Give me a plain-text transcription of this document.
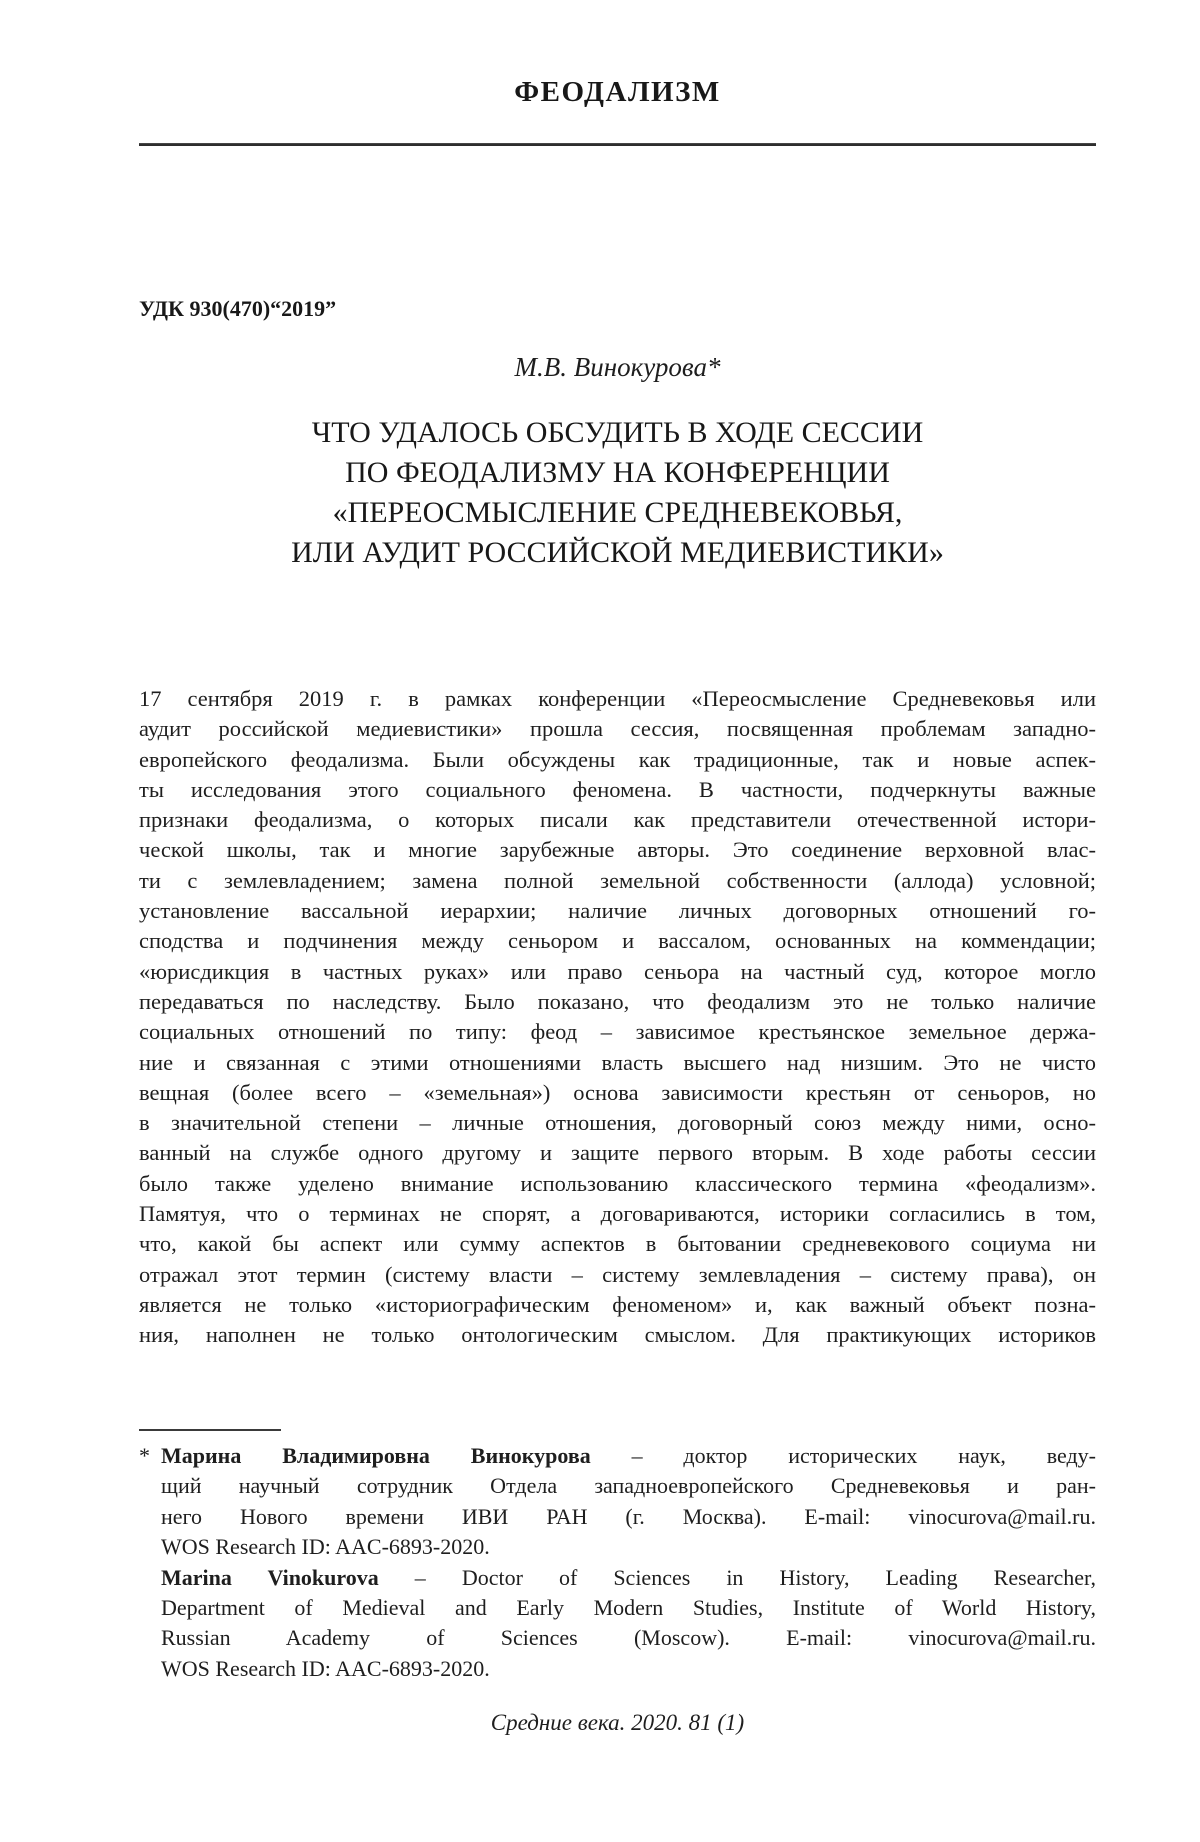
ФЕОДАЛИЗМ
УДК 930(470)“2019”
М.В. Винокурова*
ЧТО УДАЛОСЬ ОБСУДИТЬ В ХОДЕ СЕССИИ
ПО ФЕОДАЛИЗМУ НА КОНФЕРЕНЦИИ
«ПЕРЕОСМЫСЛЕНИЕ СРЕДНЕВЕКОВЬЯ,
ИЛИ АУДИТ РОССИЙСКОЙ МЕДИЕВИСТИКИ»
17 сентября 2019 г. в рамках конференции «Переосмысление Средневековья или
аудит российской медиевистики» прошла сессия, посвященная проблемам западно-
европейского феодализма. Были обсуждены как традиционные, так и новые аспек-
ты исследования этого социального феномена. В частности, подчеркнуты важные
признаки феодализма, о которых писали как представители отечественной истори-
ческой школы, так и многие зарубежные авторы. Это соединение верховной влас-
ти с землевладением; замена полной земельной собственности (аллода) условной;
установление вассальной иерархии; наличие личных договорных отношений го-
сподства и подчинения между сеньором и вассалом, основанных на коммендации;
«юрисдикция в частных руках» или право сеньора на частный суд, которое могло
передаваться по наследству. Было показано, что феодализм это не только наличие
социальных отношений по типу: феод – зависимое крестьянское земельное держа-
ние и связанная с этими отношениями власть высшего над низшим. Это не чисто
вещная (более всего – «земельная») основа зависимости крестьян от сеньоров, но
в значительной степени – личные отношения, договорный союз между ними, осно-
ванный на службе одного другому и защите первого вторым. В ходе работы сессии
было также уделено внимание использованию классического термина «феодализм».
Памятуя, что о терминах не спорят, а договариваются, историки согласились в том,
что, какой бы аспект или сумму аспектов в бытовании средневекового социума ни
отражал этот термин (систему власти – систему землевладения – систему права), он
является не только «историографическим феноменом» и, как важный объект позна-
ния, наполнен не только онтологическим смыслом. Для практикующих историков
* Марина Владимировна Винокурова – доктор исторических наук, веду-
щий научный сотрудник Отдела западноевропейского Средневековья и ран-
него Нового времени ИВИ РАН (г. Москва). E-mail: vinocurova@mail.ru.
WOS Research ID: AAC-6893-2020.
Marina Vinokurova – Doctor of Sciences in History, Leading Researcher,
Department of Medieval and Early Modern Studies, Institute of World History,
Russian Academy of Sciences (Moscow). E-mail: vinocurova@mail.ru.
WOS Research ID: AAC-6893-2020.
Средние века. 2020. 81 (1)
